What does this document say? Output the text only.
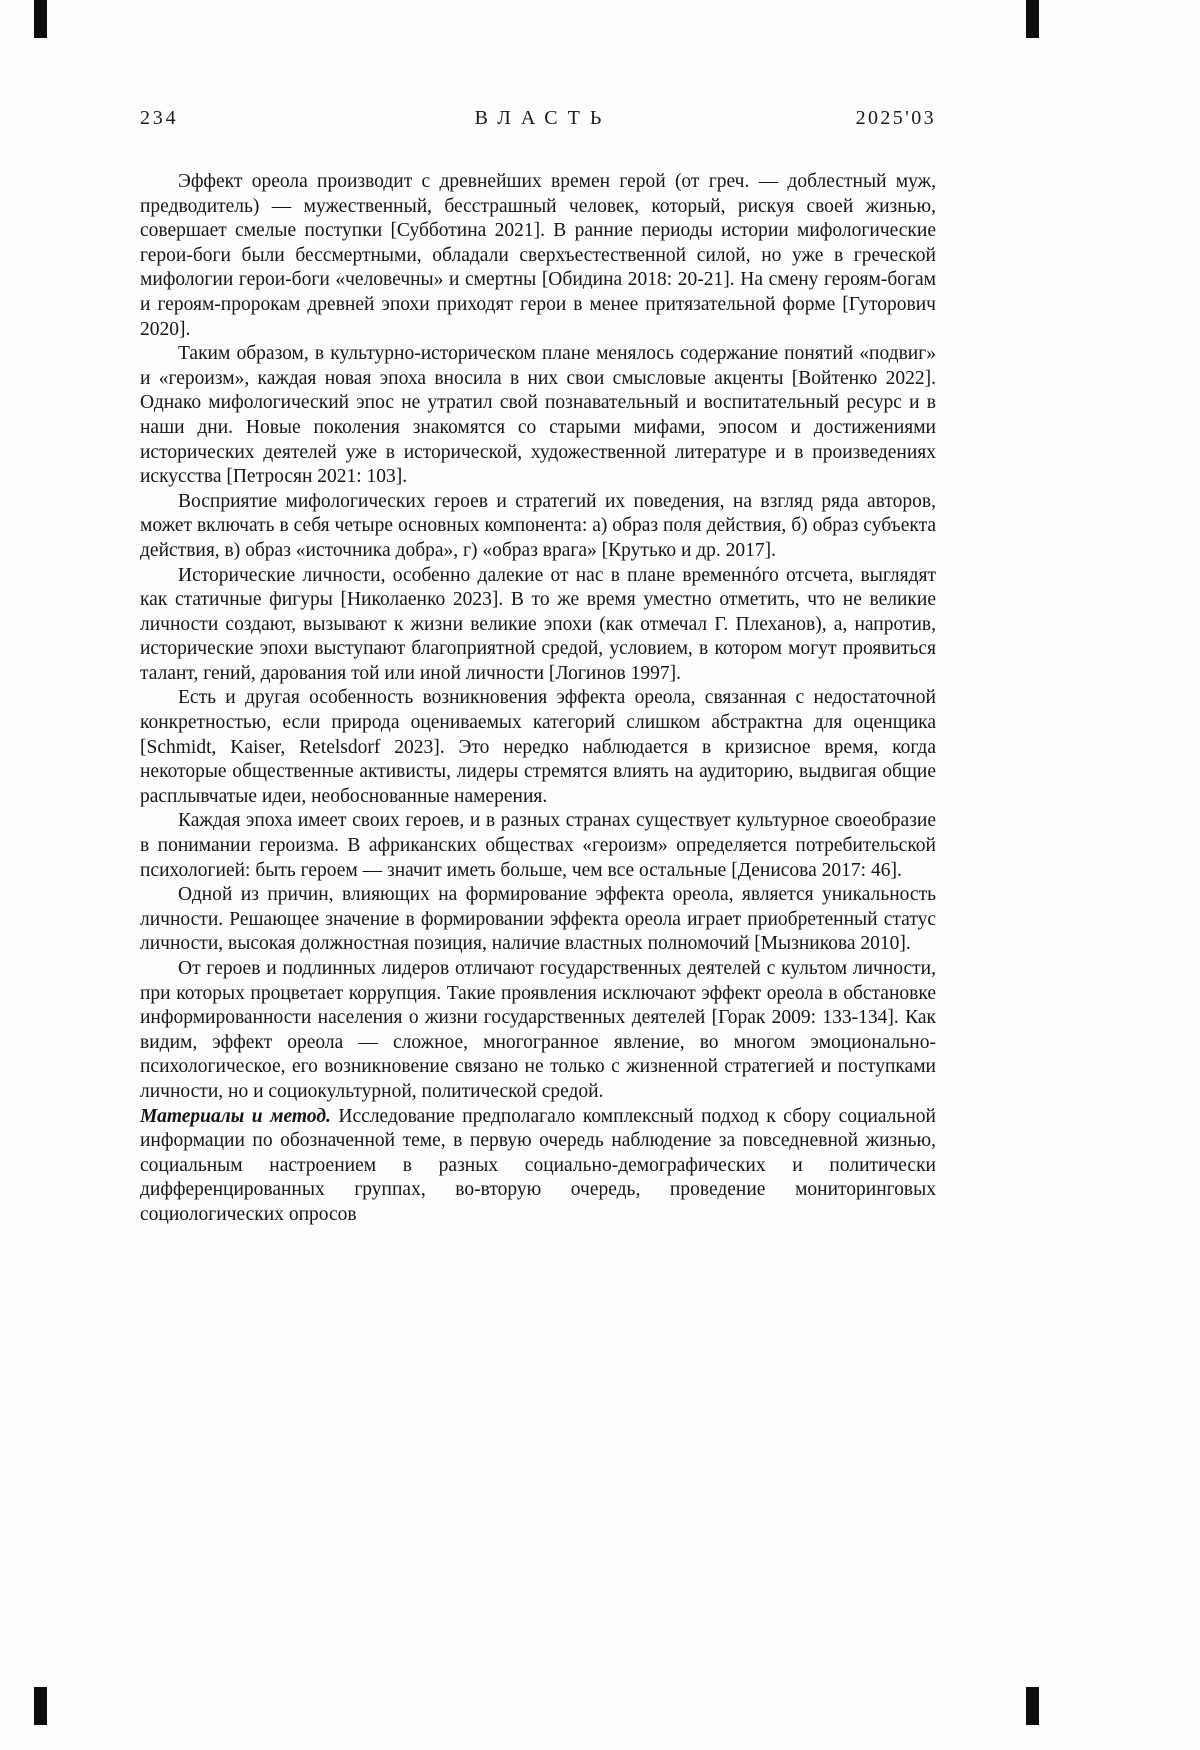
234	ВЛАСТЬ	2025'03

Эффект ореола производит с древнейших времен герой (от греч. — доблестный муж, предводитель) — мужественный, бесстрашный человек, который, рискуя своей жизнью, совершает смелые поступки [Субботина 2021]. В ранние периоды истории мифологические герои-боги были бессмертными, обладали сверхъестественной силой, но уже в греческой мифологии герои-боги «человечны» и смертны [Обидина 2018: 20-21]. На смену героям-богам и героям-пророкам древней эпохи приходят герои в менее притязательной форме [Гуторович 2020].

Таким образом, в культурно-историческом плане менялось содержание понятий «подвиг» и «героизм», каждая новая эпоха вносила в них свои смысловые акценты [Войтенко 2022]. Однако мифологический эпос не утратил свой познавательный и воспитательный ресурс и в наши дни. Новые поколения знакомятся со старыми мифами, эпосом и достижениями исторических деятелей уже в исторической, художественной литературе и в произведениях искусства [Петросян 2021: 103].

Восприятие мифологических героев и стратегий их поведения, на взгляд ряда авторов, может включать в себя четыре основных компонента: а) образ поля действия, б) образ субъекта действия, в) образ «источника добра», г) «образ врага» [Крутько и др. 2017].

Исторические личности, особенно далекие от нас в плане временнóго отсчета, выглядят как статичные фигуры [Николаенко 2023]. В то же время уместно отметить, что не великие личности создают, вызывают к жизни великие эпохи (как отмечал Г. Плеханов), а, напротив, исторические эпохи выступают благоприятной средой, условием, в котором могут проявиться талант, гений, дарования той или иной личности [Логинов 1997].

Есть и другая особенность возникновения эффекта ореола, связанная с недостаточной конкретностью, если природа оцениваемых категорий слишком абстрактна для оценщика [Schmidt, Kaiser, Retelsdorf 2023]. Это нередко наблюдается в кризисное время, когда некоторые общественные активисты, лидеры стремятся влиять на аудиторию, выдвигая общие расплывчатые идеи, необоснованные намерения.

Каждая эпоха имеет своих героев, и в разных странах существует культурное своеобразие в понимании героизма. В африканских обществах «героизм» определяется потребительской психологией: быть героем — значит иметь больше, чем все остальные [Денисова 2017: 46].

Одной из причин, влияющих на формирование эффекта ореола, является уникальность личности. Решающее значение в формировании эффекта ореола играет приобретенный статус личности, высокая должностная позиция, наличие властных полномочий [Мызникова 2010].

От героев и подлинных лидеров отличают государственных деятелей с культом личности, при которых процветает коррупция. Такие проявления исключают эффект ореола в обстановке информированности населения о жизни государственных деятелей [Горак 2009: 133-134]. Как видим, эффект ореола — сложное, многогранное явление, во многом эмоционально-психологическое, его возникновение связано не только с жизненной стратегией и поступками личности, но и социокультурной, политической средой.

Материалы и метод. Исследование предполагало комплексный подход к сбору социальной информации по обозначенной теме, в первую очередь наблюдение за повседневной жизнью, социальным настроением в разных социально-демографических и политически дифференцированных группах, во-вторую очередь, проведение мониторинговых социологических опросов
